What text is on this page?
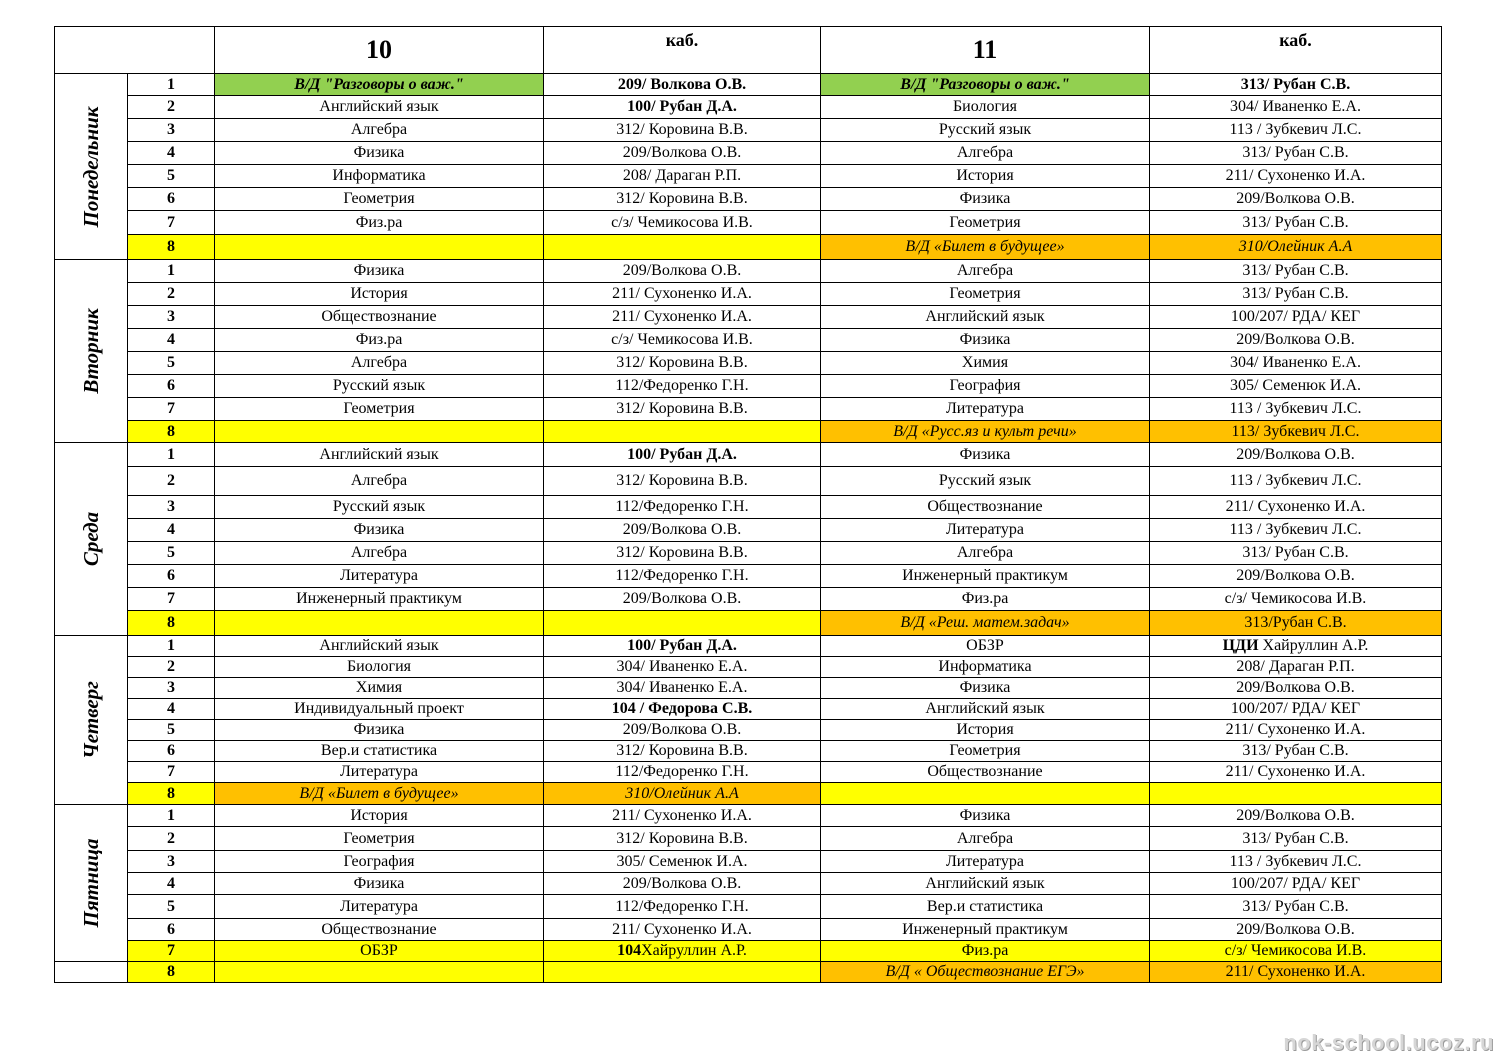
		10	каб.	11	каб.

Понедельник	1	В/Д "Разговоры о важ."	209/ Волкова О.В.	В/Д "Разговоры о важ."	313/ Рубан С.В.
	2	Английский язык	100/ Рубан Д.А.	Биология	304/ Иваненко Е.А.
	3	Алгебра	312/ Коровина В.В.	Русский язык	113 / Зубкевич Л.С.
	4	Физика	209/Волкова О.В.	Алгебра	313/ Рубан С.В.
	5	Информатика	208/ Дараган Р.П.	История	211/ Сухоненко И.А.
	6	Геометрия	312/ Коровина В.В.	Физика	209/Волкова О.В.
	7	Физ.ра	с/з/ Чемикосова И.В.	Геометрия	313/ Рубан С.В.
	8			В/Д «Билет в будущее»	310/Олейник А.А

Вторник	1	Физика	209/Волкова О.В.	Алгебра	313/ Рубан С.В.
	2	История	211/ Сухоненко И.А.	Геометрия	313/ Рубан С.В.
	3	Обществознание	211/ Сухоненко И.А.	Английский язык	100/207/ РДА/ КЕГ
	4	Физ.ра	с/з/ Чемикосова И.В.	Физика	209/Волкова О.В.
	5	Алгебра	312/ Коровина В.В.	Химия	304/ Иваненко Е.А.
	6	Русский язык	112/Федоренко Г.Н.	География	305/ Семенюк И.А.
	7	Геометрия	312/ Коровина В.В.	Литература	113 / Зубкевич Л.С.
	8			В/Д «Русс.яз и культ речи»	113/ Зубкевич Л.С.

Среда	1	Английский язык	100/ Рубан Д.А.	Физика	209/Волкова О.В.
	2	Алгебра	312/ Коровина В.В.	Русский язык	113 / Зубкевич Л.С.
	3	Русский язык	112/Федоренко Г.Н.	Обществознание	211/ Сухоненко И.А.
	4	Физика	209/Волкова О.В.	Литература	113 / Зубкевич Л.С.
	5	Алгебра	312/ Коровина В.В.	Алгебра	313/ Рубан С.В.
	6	Литература	112/Федоренко Г.Н.	Инженерный практикум	209/Волкова О.В.
	7	Инженерный практикум	209/Волкова О.В.	Физ.ра	с/з/ Чемикосова И.В.
	8			В/Д «Реш. матем.задач»	313/Рубан С.В.

Четверг	1	Английский язык	100/ Рубан Д.А.	ОБЗР	ЦДИ Хайруллин А.Р.
	2	Биология	304/ Иваненко Е.А.	Информатика	208/ Дараган Р.П.
	3	Химия	304/ Иваненко Е.А.	Физика	209/Волкова О.В.
	4	Индивидуальный проект	104 / Федорова С.В.	Английский язык	100/207/ РДА/ КЕГ
	5	Физика	209/Волкова О.В.	История	211/ Сухоненко И.А.
	6	Вер.и статистика	312/ Коровина В.В.	Геометрия	313/ Рубан С.В.
	7	Литература	112/Федоренко Г.Н.	Обществознание	211/ Сухоненко И.А.
	8	В/Д «Билет в будущее»	310/Олейник А.А		

Пятница	1	История	211/ Сухоненко И.А.	Физика	209/Волкова О.В.
	2	Геометрия	312/ Коровина В.В.	Алгебра	313/ Рубан С.В.
	3	География	305/ Семенюк И.А.	Литература	113 / Зубкевич Л.С.
	4	Физика	209/Волкова О.В.	Английский язык	100/207/ РДА/ КЕГ
	5	Литература	112/Федоренко Г.Н.	Вер.и статистика	313/ Рубан С.В.
	6	Обществознание	211/ Сухоненко И.А.	Инженерный практикум	209/Волкова О.В.
	7	ОБЗР	104Хайруллин А.Р.	Физ.ра	с/з/ Чемикосова И.В.
	8			В/Д « Обществознание ЕГЭ»	211/ Сухоненко И.А.
nok-school.ucoz.ru
